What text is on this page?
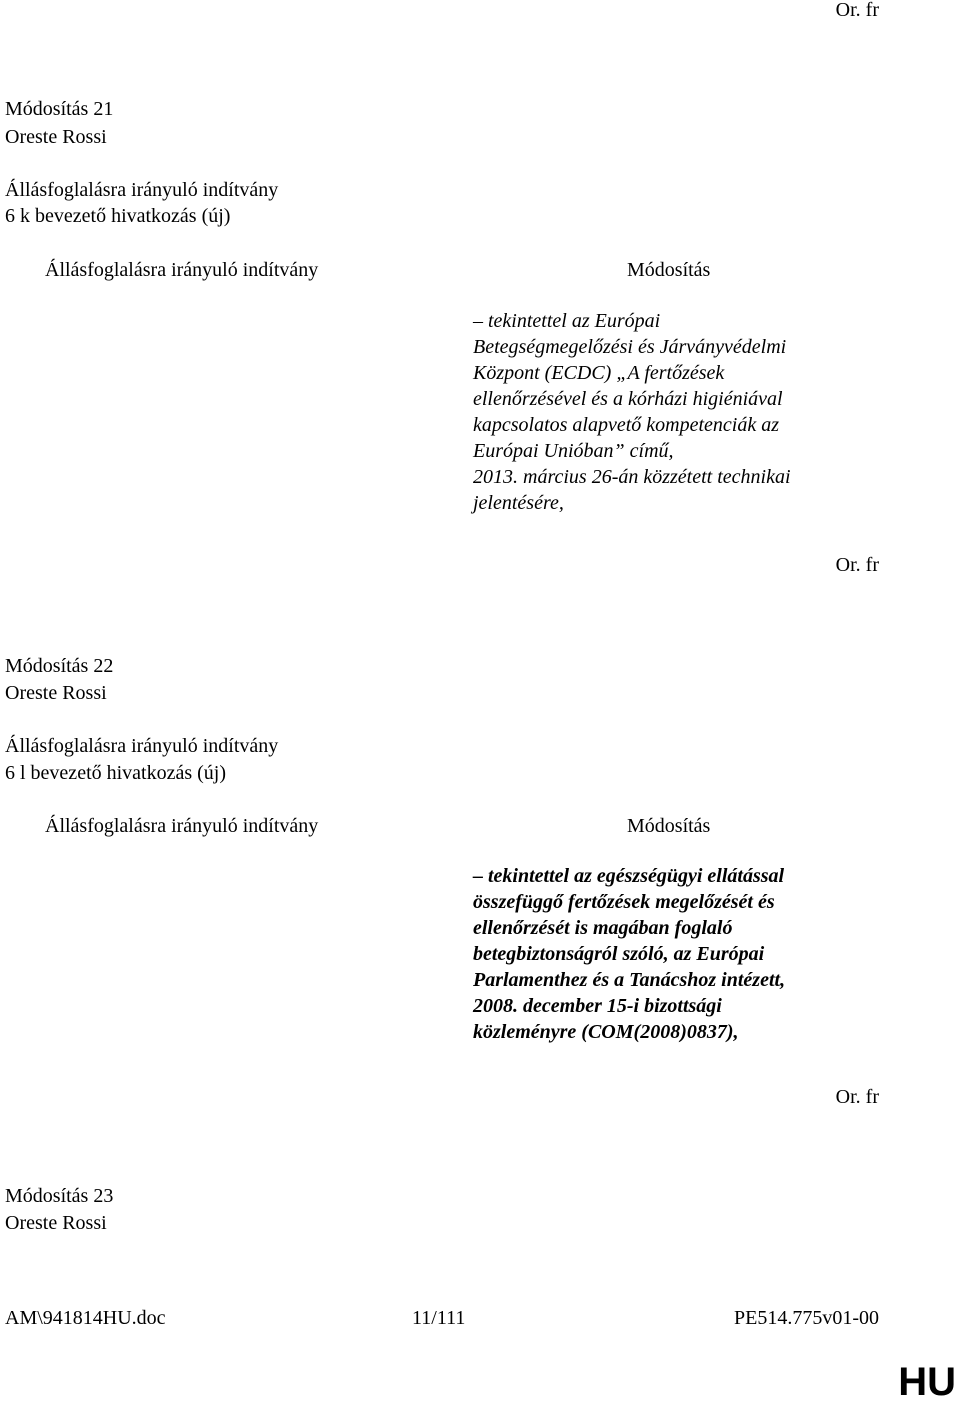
Or. fr
Módosítás 21
Oreste Rossi
Állásfoglalásra irányuló indítvány
6 k bevezető hivatkozás (új)
Állásfoglalásra irányuló indítvány	Módosítás
– tekintettel az Európai
Betegségmegelőzési és Járványvédelmi
Központ (ECDC) „A fertőzések
ellenőrzésével és a kórházi higiéniával
kapcsolatos alapvető kompetenciák az
Európai Unióban” című,
2013. március 26-án közzétett technikai
jelentésére,
Or. fr
Módosítás 22
Oreste Rossi
Állásfoglalásra irányuló indítvány
6 l bevezető hivatkozás (új)
Állásfoglalásra irányuló indítvány	Módosítás
– tekintettel az egészségügyi ellátással
összefüggő fertőzések megelőzését és
ellenőrzését is magában foglaló
betegbiztonságról szóló, az Európai
Parlamenthez és a Tanácshoz intézett,
2008. december 15-i bizottsági
közleményre (COM(2008)0837),
Or. fr
Módosítás 23
Oreste Rossi
AM\941814HU.doc	11/111	PE514.775v01-00
HU
